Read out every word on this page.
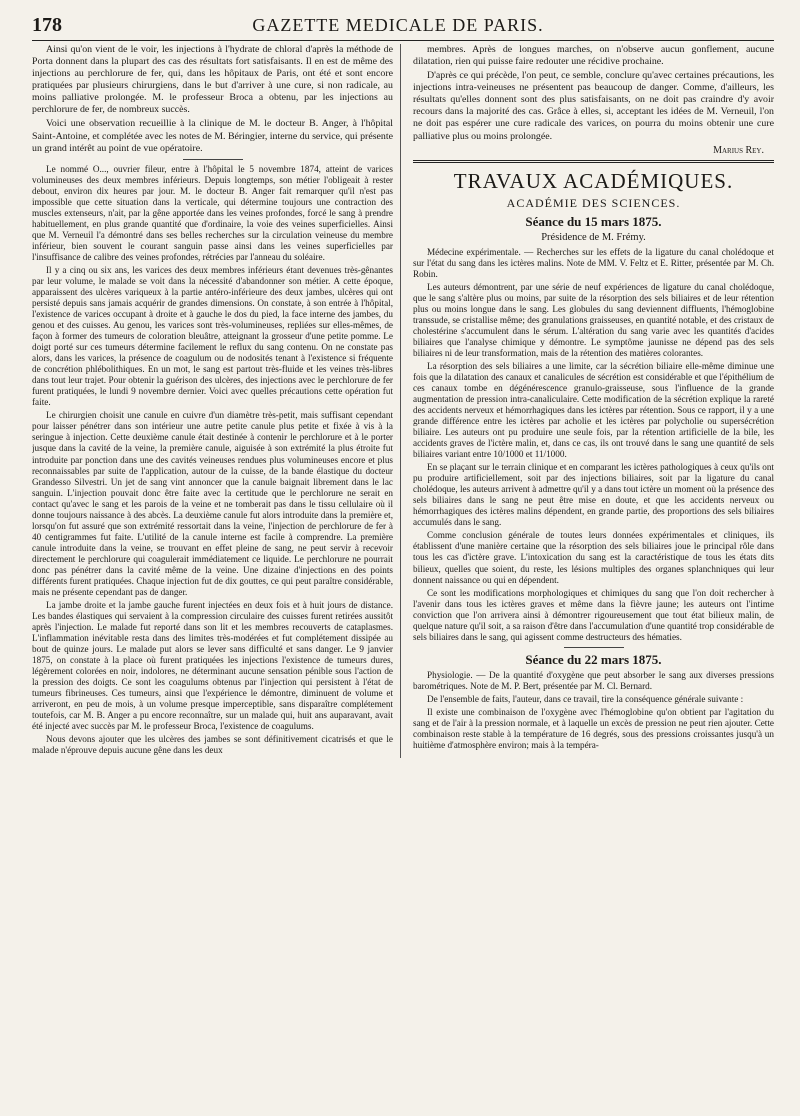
178	GAZETTE MEDICALE DE PARIS.

Ainsi qu'on vient de le voir, les injections à l'hydrate de chloral d'après la méthode de Porta donnent dans la plupart des cas des résultats fort satisfaisants. Il en est de même des injections au perchlorure de fer, qui, dans les hôpitaux de Paris, ont été et sont encore pratiquées par plusieurs chirurgiens, dans le but d'arriver à une cure, si non radicale, au moins palliative prolongée. M. le professeur Broca a obtenu, par les injections au perchlorure de fer, de nombreux succès.

Voici une observation recueillie à la clinique de M. le docteur B. Anger, à l'hôpital Saint-Antoine, et complétée avec les notes de M. Béringier, interne du service, qui présente un grand intérêt au point de vue opératoire.

Le nommé O..., ouvrier fileur, entre à l'hôpital le 5 novembre 1874, atteint de varices volumineuses des deux membres inférieurs. Depuis longtemps, son métier l'obligeait à rester debout, environ dix heures par jour. M. le docteur B. Anger fait remarquer qu'il n'est pas impossible que cette situation dans la verticale, qui détermine toujours une contraction des muscles extenseurs, n'ait, par la gêne apportée dans les veines profondes, forcé le sang à prendre habituellement, en plus grande quantité que d'ordinaire, la voie des veines superficielles. Ainsi que M. Verneuil l'a démontré dans ses belles recherches sur la circulation veineuse du membre inférieur, bien souvent le courant sanguin passe ainsi dans les veines superficielles par l'insuffisance de calibre des veines profondes, rétrécies par l'anneau du soléaire.

Il y a cinq ou six ans, les varices des deux membres inférieurs étant devenues très-gênantes par leur volume, le malade se voit dans la nécessité d'abandonner son métier. A cette époque, apparaissent des ulcères variqueux à la partie antéro-inférieure des deux jambes, ulcères qui ont persisté depuis sans jamais acquérir de grandes dimensions. On constate, à son entrée à l'hôpital, l'existence de varices occupant à droite et à gauche le dos du pied, la face interne des jambes, du genou et des cuisses. Au genou, les varices sont très-volumineuses, repliées sur elles-mêmes, de façon à former des tumeurs de coloration bleuâtre, atteignant la grosseur d'une petite pomme. Le doigt porté sur ces tumeurs détermine facilement le reflux du sang contenu. On ne constate pas alors, dans les varices, la présence de coagulum ou de nodosités tenant à l'existence si fréquente de concrétion phlébolithiques. En un mot, le sang est partout très-fluide et les veines très-libres dans tout leur trajet. Pour obtenir la guérison des ulcères, des injections avec le perchlorure de fer furent pratiquées, le lundi 9 novembre dernier. Voici avec quelles précautions cette opération fut faite.

Le chirurgien choisit une canule en cuivre d'un diamètre très-petit, mais suffisant cependant pour laisser pénétrer dans son intérieur une autre petite canule plus petite et fixée à vis à la seringue à injection. Cette deuxième canule était destinée à contenir le perchlorure et à le porter jusque dans la cavité de la veine, la première canule, aiguisée à son extrémité la plus étroite fut introduite par ponction dans une des cavités veineuses rendues plus volumineuses encore et plus reconnaissables par suite de l'application, autour de la cuisse, de la bande élastique du docteur Grandesso Silvestri. Un jet de sang vint annoncer que la canule baignait librement dans le lac sanguin. L'injection pouvait donc être faite avec la certitude que le perchlorure ne serait en contact qu'avec le sang et les parois de la veine et ne tomberait pas dans le tissu cellulaire où il donne toujours naissance à des abcès. La deuxième canule fut alors introduite dans la première et, lorsqu'on fut assuré que son extrémité ressortait dans la veine, l'injection de perchlorure de fer à 40 centigrammes fut faite. L'utilité de la canule interne est facile à comprendre. La première canule introduite dans la veine, se trouvant en effet pleine de sang, ne peut servir à recevoir directement le perchlorure qui coagulerait immédiatement ce liquide. Le perchlorure ne pourrait donc pas pénétrer dans la cavité même de la veine. Une dizaine d'injections en des points différents furent pratiquées. Chaque injection fut de dix gouttes, ce qui peut paraître considérable, mais ne présente cependant pas de danger.

La jambe droite et la jambe gauche furent injectées en deux fois et à huit jours de distance. Les bandes élastiques qui servaient à la compression circulaire des cuisses furent retirées aussitôt après l'injection. Le malade fut reporté dans son lit et les membres recouverts de cataplasmes. L'inflammation inévitable resta dans des limites très-modérées et fut complétement dissipée au bout de quinze jours. Le malade put alors se lever sans difficulté et sans danger. Le 9 janvier 1875, on constate à la place où furent pratiquées les injections l'existence de tumeurs dures, légèrement colorées en noir, indolores, ne déterminant aucune sensation pénible sous l'action de la pression des doigts. Ce sont les coagulums obtenus par l'injection qui persistent à l'état de tumeurs fibrineuses. Ces tumeurs, ainsi que l'expérience le démontre, diminuent de volume et arriveront, en peu de mois, à un volume presque imperceptible, sans disparaître complétement toutefois, car M. B. Anger a pu encore reconnaître, sur un malade qui, huit ans auparavant, avait été injecté avec succès par M. le professeur Broca, l'existence de coagulums.

Nous devons ajouter que les ulcères des jambes se sont définitivement cicatrisés et que le malade n'éprouve depuis aucune gêne dans les deux

membres. Après de longues marches, on n'observe aucun gonflement, aucune dilatation, rien qui puisse faire redouter une récidive prochaine.

D'après ce qui précède, l'on peut, ce semble, conclure qu'avec certaines précautions, les injections intra-veineuses ne présentent pas beaucoup de danger. Comme, d'ailleurs, les résultats qu'elles donnent sont des plus satisfaisants, on ne doit pas craindre d'y avoir recours dans la majorité des cas. Grâce à elles, si, acceptant les idées de M. Verneuil, l'on ne doit pas espérer une cure radicale des varices, on pourra du moins obtenir une cure palliative plus ou moins prolongée.

Marius Rey.
TRAVAUX ACADÉMIQUES.
ACADÉMIE DES SCIENCES.
Séance du 15 mars 1875.
Présidence de M. Frémy.

Médecine expérimentale. — Recherches sur les effets de la ligature du canal cholédoque et sur l'état du sang dans les ictères malins. Note de MM. V. Feltz et E. Ritter, présentée par M. Ch. Robin.

Les auteurs démontrent, par une série de neuf expériences de ligature du canal cholédoque, que le sang s'altère plus ou moins, par suite de la résorption des sels biliaires et de leur rétention plus ou moins longue dans le sang. Les globules du sang deviennent diffluents, l'hémoglobine transsude, se cristallise même; des granulations graisseuses, en quantité notable, et des cristaux de cholestérine s'accumulent dans le sérum. L'altération du sang varie avec les quantités d'acides biliaires que l'analyse chimique y démontre. Le symptôme jaunisse ne dépend pas des sels biliaires ni de leur transformation, mais de la rétention des matières colorantes.

La résorption des sels biliaires a une limite, car la sécrétion biliaire elle-même diminue une fois que la dilatation des canaux et canalicules de sécrétion est considérable et que l'épithélium de ces canaux tombe en dégénérescence granulo-graisseuse, sous l'influence de la grande augmentation de pression intra-canaliculaire. Cette modification de la sécrétion explique la rareté des accidents nerveux et hémorrhagiques dans les ictères par rétention. Sous ce rapport, il y a une grande différence entre les ictères par acholie et les ictères par polycholie ou supersécrétion biliaire. Les auteurs ont pu produire une seule fois, par la rétention artificielle de la bile, les accidents graves de l'ictère malin, et, dans ce cas, ils ont trouvé dans le sang une quantité de sels biliaires variant entre 10/1000 et 11/1000.

En se plaçant sur le terrain clinique et en comparant les ictères pathologiques à ceux qu'ils ont pu produire artificiellement, soit par des injections biliaires, soit par la ligature du canal cholédoque, les auteurs arrivent à admettre qu'il y a dans tout ictère un moment où la présence des sels biliaires dans le sang ne peut être mise en doute, et que les accidents nerveux ou hémorrhagiques des ictères malins dépendent, en grande partie, des proportions des sels biliaires accumulés dans le sang.

Comme conclusion générale de toutes leurs données expérimentales et cliniques, ils établissent d'une manière certaine que la résorption des sels biliaires joue le principal rôle dans tous les cas d'ictère grave. L'intoxication du sang est la caractéristique de tous les états dits bilieux, quelles que soient, du reste, les lésions multiples des organes splanchniques qui leur donnent naissance ou qui en dépendent.

Ce sont les modifications morphologiques et chimiques du sang que l'on doit rechercher à l'avenir dans tous les ictères graves et même dans la fièvre jaune; les auteurs ont l'intime conviction que l'on arrivera ainsi à démontrer rigoureusement que tout état bilieux malin, de quelque nature qu'il soit, a sa raison d'être dans l'accumulation d'une quantité trop considérable de sels biliaires dans le sang, qui agissent comme destructeurs des hématies.

Séance du 22 mars 1875.

Physiologie. — De la quantité d'oxygène que peut absorber le sang aux diverses pressions barométriques. Note de M. P. Bert, présentée par M. Cl. Bernard.

De l'ensemble de faits, l'auteur, dans ce travail, tire la conséquence générale suivante :

Il existe une combinaison de l'oxygène avec l'hémoglobine qu'on obtient par l'agitation du sang et de l'air à la pression normale, et à laquelle un excès de pression ne peut rien ajouter. Cette combinaison reste stable à la température de 16 degrés, sous des pressions croissantes jusqu'à un huitième d'atmosphère environ; mais à la tempéra-
